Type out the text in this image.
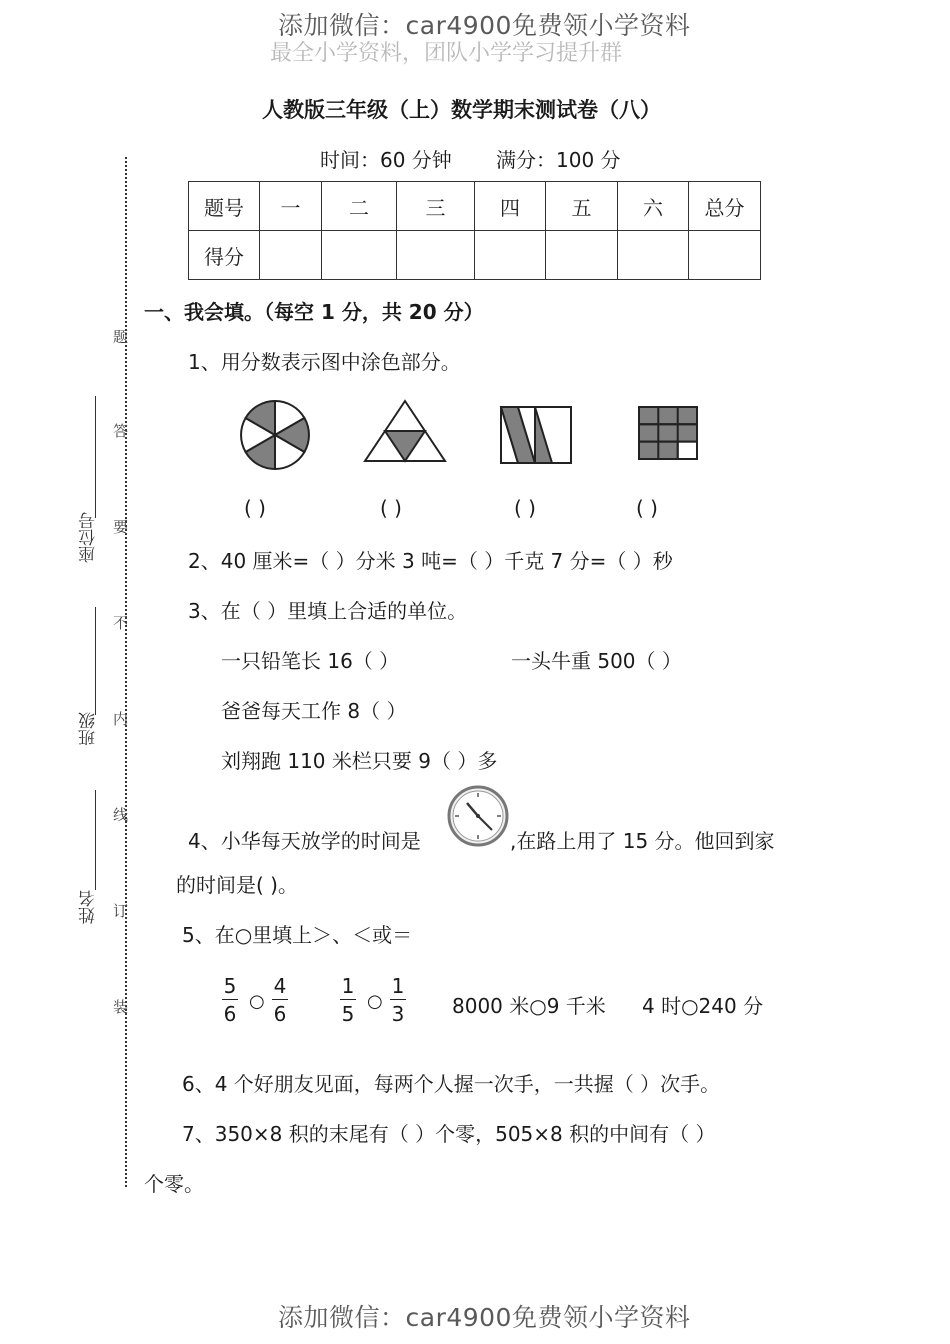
最全小学资料，团队小学学习提升群
添加微信：car4900免费领小学资料
人教版三年级（上）数学期末测试卷（八）
时间：60 分钟 满分：100 分
题号	一	二	三	四	五	六	总分
得分							
座位号
班级
姓名
题
答
要
不
内
线
订
装
一、我会填。（每空 1 分，共 20 分）
1、用分数表示图中涂色部分。
( )	( )	( )	( )
2、40 厘米=（ ）分米 3 吨=（ ）千克 7 分=（ ）秒
3、在（ ）里填上合适的单位。
一只铅笔长 16（ ）	一头牛重 500（ ）
爸爸每天工作 8（ ）
刘翔跑 110 米栏只要 9（ ）多
4、小华每天放学的时间是	,在路上用了 15 分。他回到家
的时间是( )。
5、在○里填上＞、＜或＝
5
6
○
4
6
1
5
○
1
3 8000 米○9 千米 4 时○240 分
6、4 个好朋友见面，每两个人握一次手，一共握（ ）次手。
7、350×8 积的末尾有（ ）个零，505×8 积的中间有（ ）
个零。
添加微信：car4900免费领小学资料
